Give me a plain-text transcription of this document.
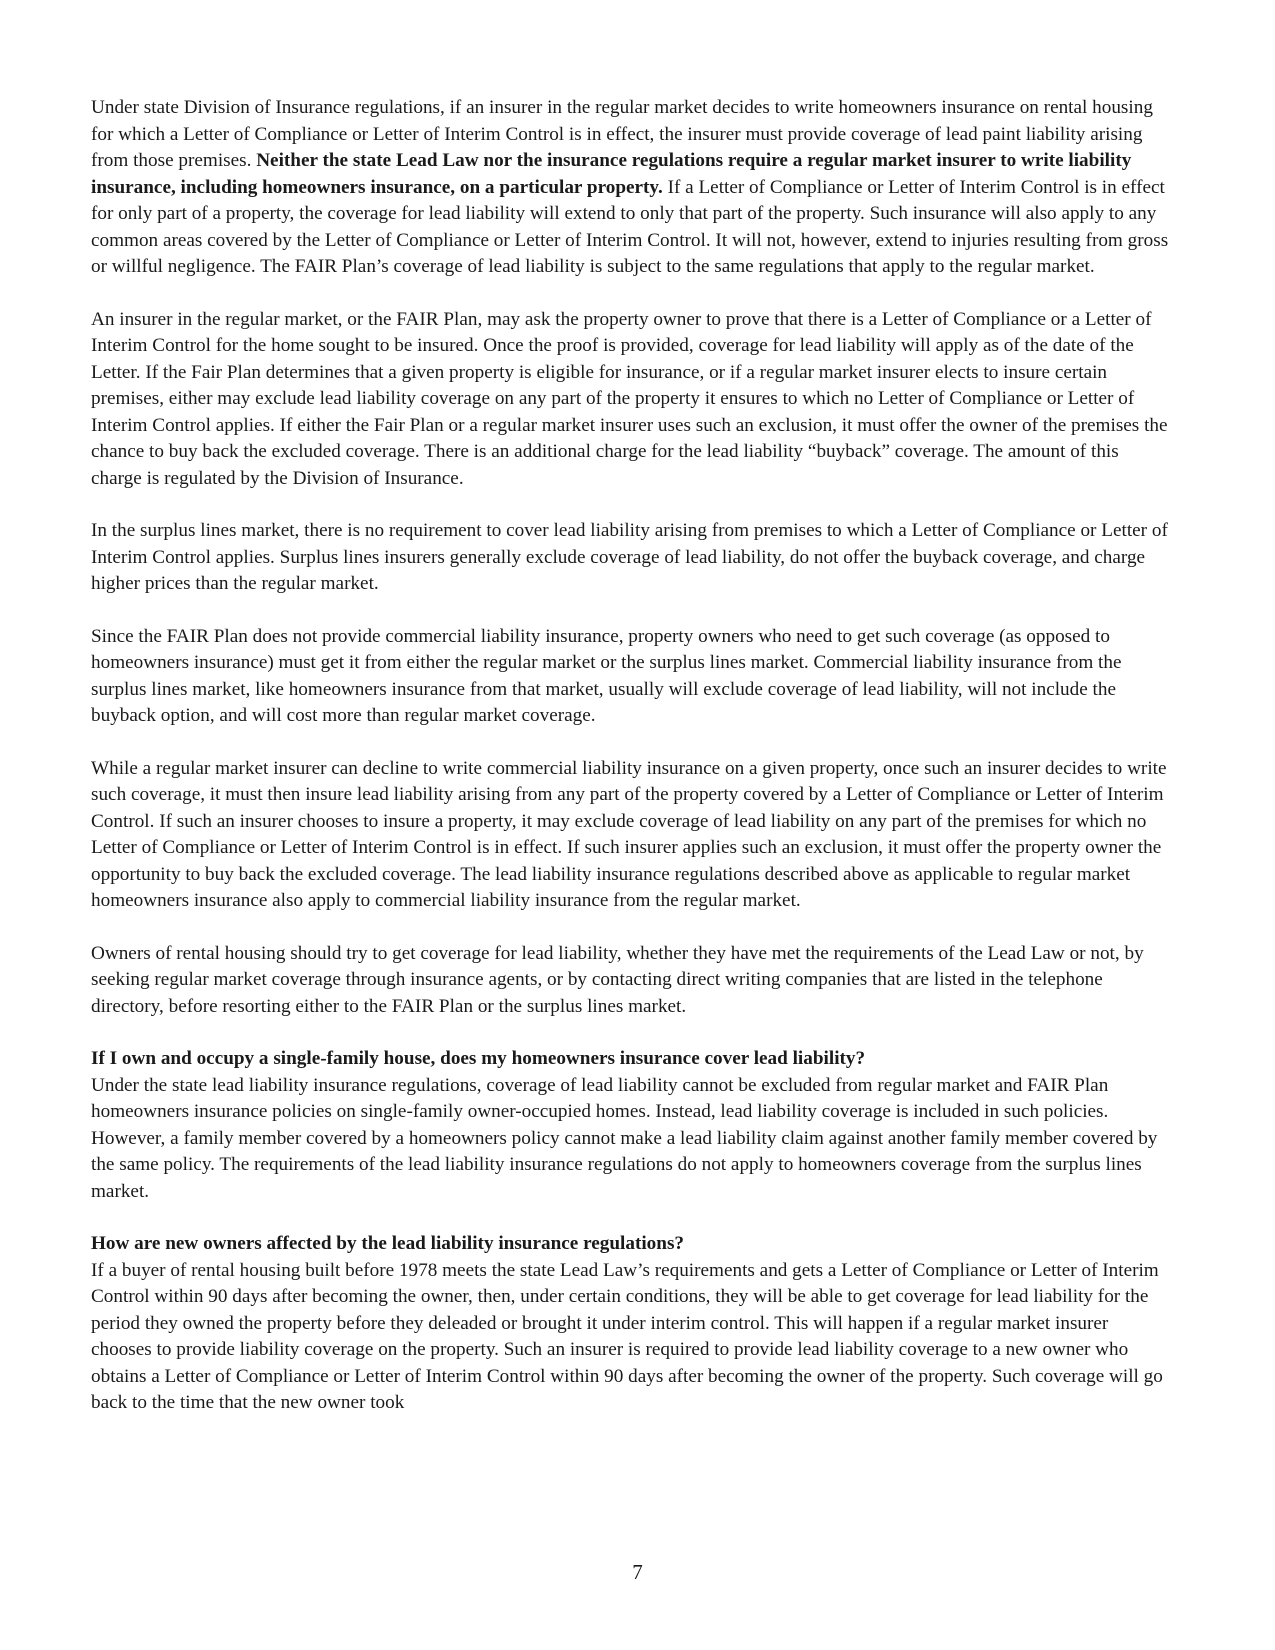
Under state Division of Insurance regulations, if an insurer in the regular market decides to write homeowners insurance on rental housing for which a Letter of Compliance or Letter of Interim Control is in effect, the insurer must provide coverage of lead paint liability arising from those premises. Neither the state Lead Law nor the insurance regulations require a regular market insurer to write liability insurance, including homeowners insurance, on a particular property. If a Letter of Compliance or Letter of Interim Control is in effect for only part of a property, the coverage for lead liability will extend to only that part of the property. Such insurance will also apply to any common areas covered by the Letter of Compliance or Letter of Interim Control. It will not, however, extend to injuries resulting from gross or willful negligence. The FAIR Plan’s coverage of lead liability is subject to the same regulations that apply to the regular market.

An insurer in the regular market, or the FAIR Plan, may ask the property owner to prove that there is a Letter of Compliance or a Letter of Interim Control for the home sought to be insured. Once the proof is provided, coverage for lead liability will apply as of the date of the Letter. If the Fair Plan determines that a given property is eligible for insurance, or if a regular market insurer elects to insure certain premises, either may exclude lead liability coverage on any part of the property it ensures to which no Letter of Compliance or Letter of Interim Control applies. If either the Fair Plan or a regular market insurer uses such an exclusion, it must offer the owner of the premises the chance to buy back the excluded coverage. There is an additional charge for the lead liability “buyback” coverage. The amount of this charge is regulated by the Division of Insurance.

In the surplus lines market, there is no requirement to cover lead liability arising from premises to which a Letter of Compliance or Letter of Interim Control applies. Surplus lines insurers generally exclude coverage of lead liability, do not offer the buyback coverage, and charge higher prices than the regular market.

Since the FAIR Plan does not provide commercial liability insurance, property owners who need to get such coverage (as opposed to homeowners insurance) must get it from either the regular market or the surplus lines market. Commercial liability insurance from the surplus lines market, like homeowners insurance from that market, usually will exclude coverage of lead liability, will not include the buyback option, and will cost more than regular market coverage.

While a regular market insurer can decline to write commercial liability insurance on a given property, once such an insurer decides to write such coverage, it must then insure lead liability arising from any part of the property covered by a Letter of Compliance or Letter of Interim Control. If such an insurer chooses to insure a property, it may exclude coverage of lead liability on any part of the premises for which no Letter of Compliance or Letter of Interim Control is in effect. If such insurer applies such an exclusion, it must offer the property owner the opportunity to buy back the excluded coverage. The lead liability insurance regulations described above as applicable to regular market homeowners insurance also apply to commercial liability insurance from the regular market.

Owners of rental housing should try to get coverage for lead liability, whether they have met the requirements of the Lead Law or not, by seeking regular market coverage through insurance agents, or by contacting direct writing companies that are listed in the telephone directory, before resorting either to the FAIR Plan or the surplus lines market.

If I own and occupy a single-family house, does my homeowners insurance cover lead liability?
Under the state lead liability insurance regulations, coverage of lead liability cannot be excluded from regular market and FAIR Plan homeowners insurance policies on single-family owner-occupied homes. Instead, lead liability coverage is included in such policies. However, a family member covered by a homeowners policy cannot make a lead liability claim against another family member covered by the same policy. The requirements of the lead liability insurance regulations do not apply to homeowners coverage from the surplus lines market.

How are new owners affected by the lead liability insurance regulations?
If a buyer of rental housing built before 1978 meets the state Lead Law’s requirements and gets a Letter of Compliance or Letter of Interim Control within 90 days after becoming the owner, then, under certain conditions, they will be able to get coverage for lead liability for the period they owned the property before they deleaded or brought it under interim control. This will happen if a regular market insurer chooses to provide liability coverage on the property. Such an insurer is required to provide lead liability coverage to a new owner who obtains a Letter of Compliance or Letter of Interim Control within 90 days after becoming the owner of the property. Such coverage will go back to the time that the new owner took

7
